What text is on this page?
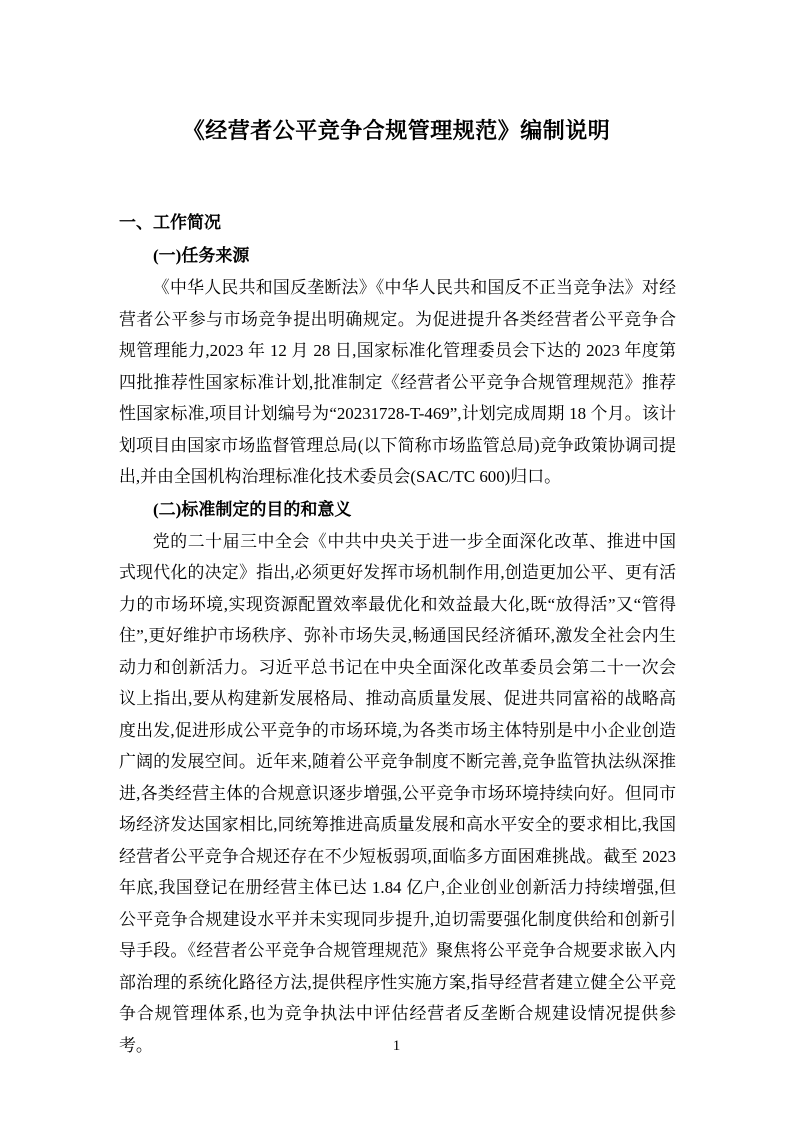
《经营者公平竞争合规管理规范》编制说明
一、工作简况
(一)任务来源

《中华人民共和国反垄断法》《中华人民共和国反不正当竞争法》对经营者公平参与市场竞争提出明确规定。为促进提升各类经营者公平竞争合规管理能力,2023 年 12 月 28 日,国家标准化管理委员会下达的 2023 年度第四批推荐性国家标准计划,批准制定《经营者公平竞争合规管理规范》推荐性国家标准,项目计划编号为“20231728-T-469”,计划完成周期 18 个月。该计划项目由国家市场监督管理总局(以下简称市场监管总局)竞争政策协调司提出,并由全国机构治理标准化技术委员会(SAC/TC 600)归口。

(二)标准制定的目的和意义

党的二十届三中全会《中共中央关于进一步全面深化改革、推进中国式现代化的决定》指出,必须更好发挥市场机制作用,创造更加公平、更有活力的市场环境,实现资源配置效率最优化和效益最大化,既“放得活”又“管得住”,更好维护市场秩序、弥补市场失灵,畅通国民经济循环,激发全社会内生动力和创新活力。习近平总书记在中央全面深化改革委员会第二十一次会议上指出,要从构建新发展格局、推动高质量发展、促进共同富裕的战略高度出发,促进形成公平竞争的市场环境,为各类市场主体特别是中小企业创造广阔的发展空间。近年来,随着公平竞争制度不断完善,竞争监管执法纵深推进,各类经营主体的合规意识逐步增强,公平竞争市场环境持续向好。但同市场经济发达国家相比,同统筹推进高质量发展和高水平安全的要求相比,我国经营者公平竞争合规还存在不少短板弱项,面临多方面困难挑战。截至 2023 年底,我国登记在册经营主体已达 1.84 亿户,企业创业创新活力持续增强,但公平竞争合规建设水平并未实现同步提升,迫切需要强化制度供给和创新引导手段。《经营者公平竞争合规管理规范》聚焦将公平竞争合规要求嵌入内部治理的系统化路径方法,提供程序性实施方案,指导经营者建立健全公平竞争合规管理体系,也为竞争执法中评估经营者反垄断合规建设情况提供参考。	1
